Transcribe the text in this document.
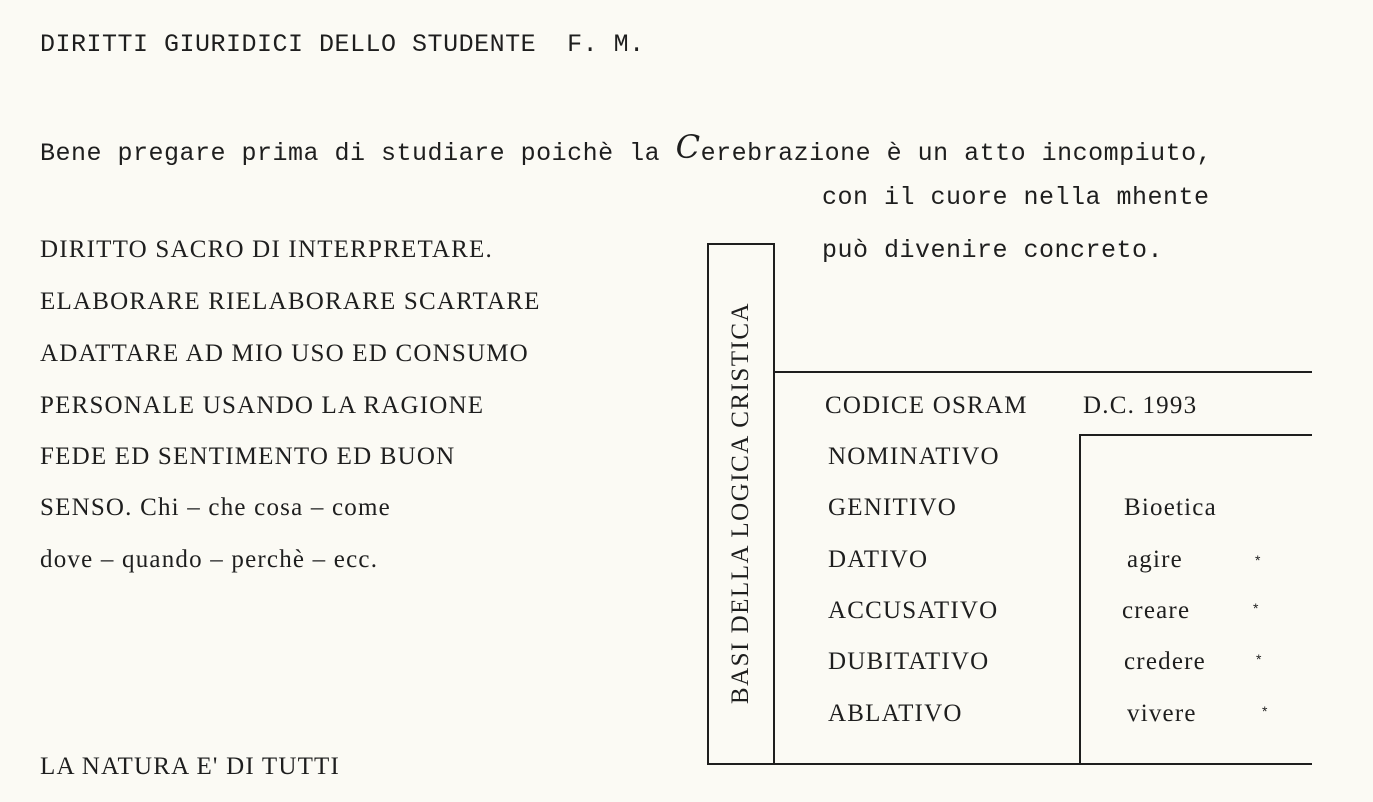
DIRITTI GIURIDICI DELLO STUDENTE F. M.
Bene pregare prima di studiare poichè la Cerebrazione è un atto incompiuto,
con il cuore nella mhente
può divenire concreto.
DIRITTO SACRO DI INTERPRETARE.
ELABORARE RIELABORARE SCARTARE
ADATTARE AD MIO USO ED CONSUMO
PERSONALE USANDO LA RAGIONE
FEDE ED SENTIMENTO ED BUON
SENSO. Chi – che cosa – come
dove – quando – perchè – ecc.
LA NATURA E' DI TUTTI
BASI DELLA LOGICA CRISTICA	CODICE OSRAM D.C. 1993
NOMINATIVO
GENITIVO
DATIVO
ACCUSATIVO
DUBITATIVO
ABLATIVO
Bioetica
agire
creare
credere
vivere
*
*
*
*
